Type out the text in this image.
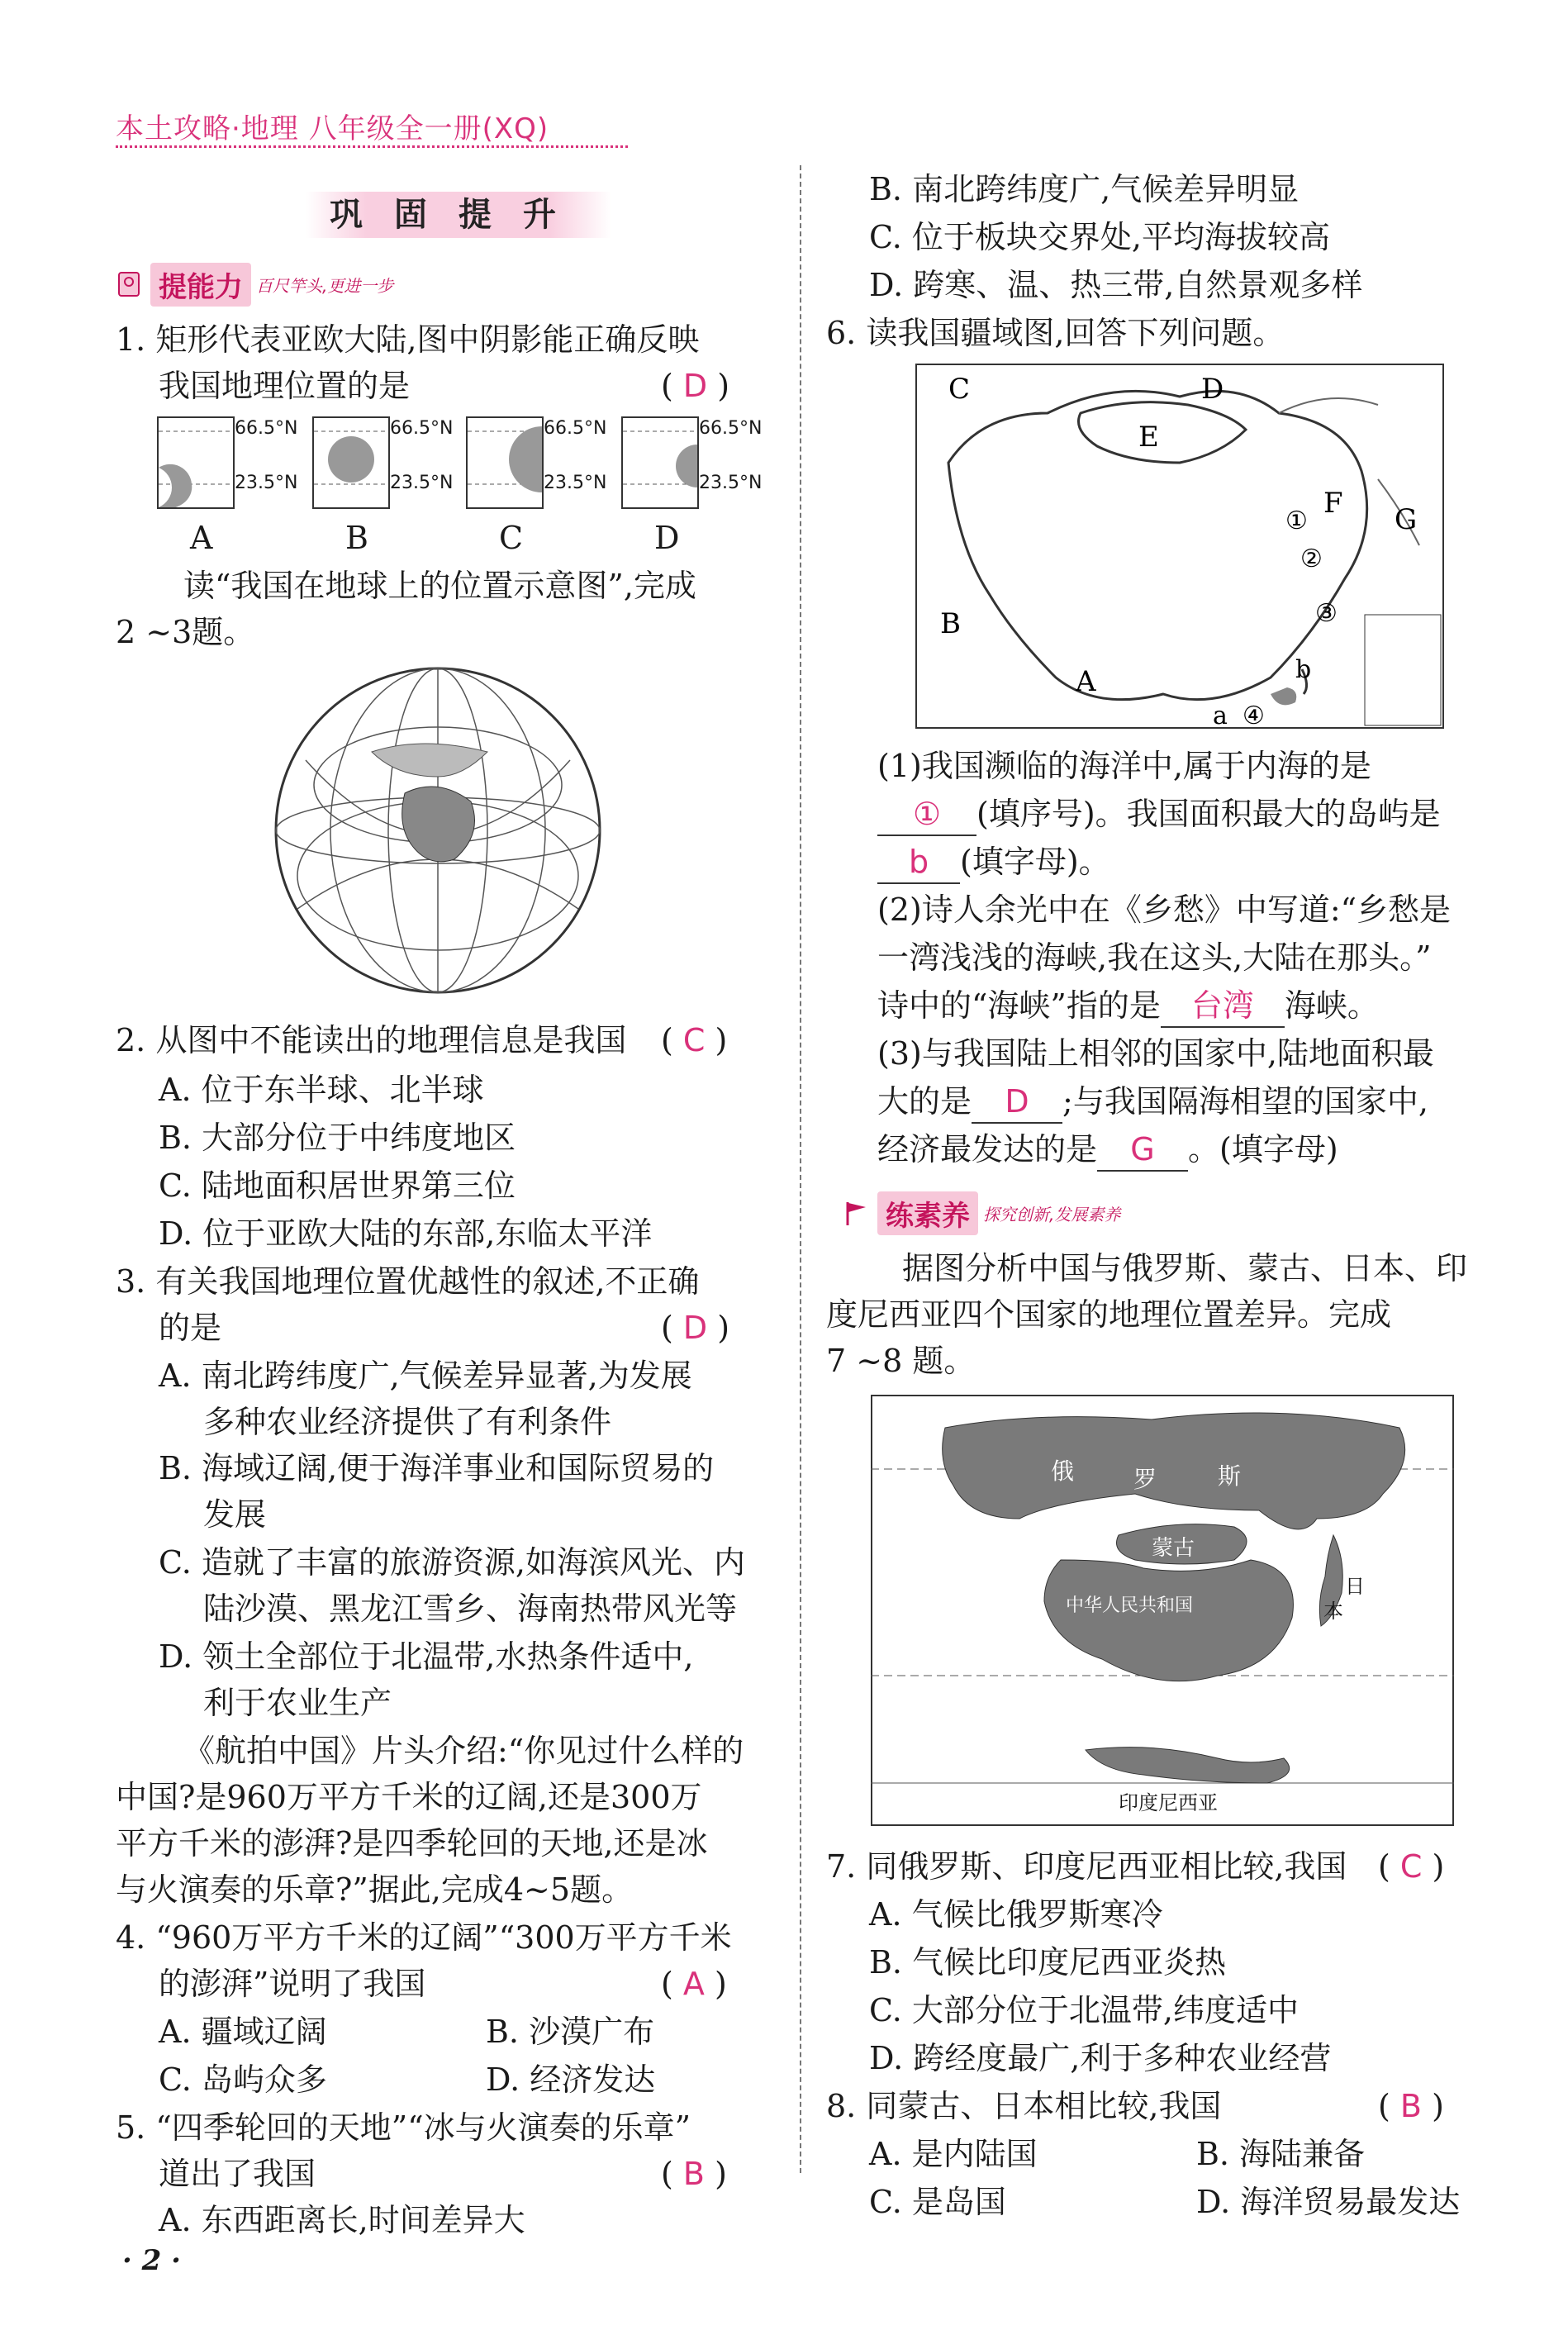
本土攻略·地理 八年级全一册(XQ)
巩固提升
提能力 百尺竿头,更进一步
1. 矩形代表亚欧大陆,图中阴影能正确反映
我国地理位置的是	( D )
66.5°N
23.5°N
66.5°N
23.5°N
66.5°N
23.5°N
66.5°N
23.5°N
A	B	C	D
读“我国在地球上的位置示意图”,完成
2 ~3题。
2. 从图中不能读出的地理信息是我国 ( C )
A. 位于东半球、北半球
B. 大部分位于中纬度地区
C. 陆地面积居世界第三位
D. 位于亚欧大陆的东部,东临太平洋
3. 有关我国地理位置优越性的叙述,不正确
的是	( D )
A. 南北跨纬度广,气候差异显著,为发展
多种农业经济提供了有利条件
B. 海域辽阔,便于海洋事业和国际贸易的
发展
C. 造就了丰富的旅游资源,如海滨风光、内
陆沙漠、黑龙江雪乡、海南热带风光等
D. 领土全部位于北温带,水热条件适中,
利于农业生产
《航拍中国》片头介绍:“你见过什么样的
中国?是960万平方千米的辽阔,还是300万
平方千米的澎湃?是四季轮回的天地,还是冰
与火演奏的乐章?”据此,完成4~5题。
4. “960万平方千米的辽阔”“300万平方千米
的澎湃”说明了我国	( A )
A. 疆域辽阔	B. 沙漠广布
C. 岛屿众多	D. 经济发达
5. “四季轮回的天地”“冰与火演奏的乐章”
道出了我国	( B )
A. 东西距离长,时间差异大
· 2 ·
B. 南北跨纬度广,气候差异明显
C. 位于板块交界处,平均海拔较高
D. 跨寒、温、热三带,自然景观多样
6. 读我国疆域图,回答下列问题。
C	D
E
F G
B
A
a
b
①
②
③
④
(1)我国濒临的海洋中,属于内海的是
① (填序号)。我国面积最大的岛屿是
b (填字母)。
(2)诗人余光中在《乡愁》中写道:“乡愁是
一湾浅浅的海峡,我在这头,大陆在那头。”
诗中的“海峡”指的是 台湾 海峡。
(3)与我国陆上相邻的国家中,陆地面积最
大的是 D ;与我国隔海相望的国家中,
经济最发达的是 G 。(填字母)
练素养 探究创新,发展素养
据图分析中国与俄罗斯、蒙古、日本、印
度尼西亚四个国家的地理位置差异。完成
7 ~8 题。
俄	罗	斯
蒙古
中华人民共和国
日
本
印度尼西亚
7. 同俄罗斯、印度尼西亚相比较,我国 ( C )
A. 气候比俄罗斯寒冷
B. 气候比印度尼西亚炎热
C. 大部分位于北温带,纬度适中
D. 跨经度最广,利于多种农业经营
8. 同蒙古、日本相比较,我国	( B )
A. 是内陆国	B. 海陆兼备
C. 是岛国	D. 海洋贸易最发达
